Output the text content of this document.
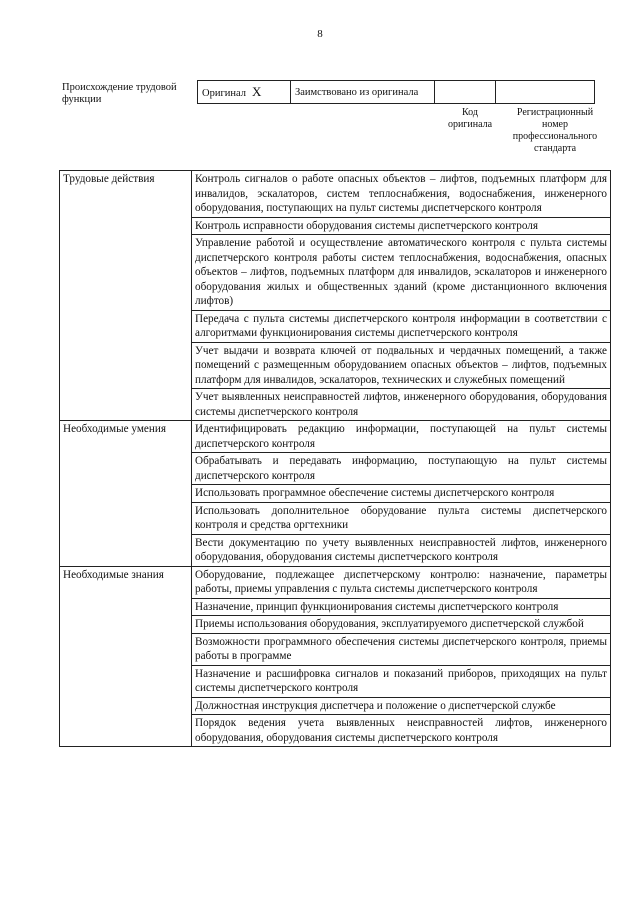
8
Происхождение трудовой функции
Оригинал X	Заимствовано из оригинала		
Код оригинала
Регистрационный номер профессионального стандарта
Трудовые действия	Контроль сигналов о работе опасных объектов – лифтов, подъемных платформ для инвалидов, эскалаторов, систем теплоснабжения, водоснабжения, инженерного оборудования, поступающих на пульт системы диспетчерского контроля
	Контроль исправности оборудования системы диспетчерского контроля
	Управление работой и осуществление автоматического контроля с пульта системы диспетчерского контроля работы систем теплоснабжения, водоснабжения, опасных объектов – лифтов, подъемных платформ для инвалидов, эскалаторов и инженерного оборудования жилых и общественных зданий (кроме дистанционного включения лифтов)
	Передача с пульта системы диспетчерского контроля информации в соответствии с алгоритмами функционирования системы диспетчерского контроля
	Учет выдачи и возврата ключей от подвальных и чердачных помещений, а также помещений с размещенным оборудованием опасных объектов – лифтов, подъемных платформ для инвалидов, эскалаторов, технических и служебных помещений
	Учет выявленных неисправностей лифтов, инженерного оборудования, оборудования системы диспетчерского контроля
Необходимые умения	Идентифицировать редакцию информации, поступающей на пульт системы диспетчерского контроля
	Обрабатывать и передавать информацию, поступающую на пульт системы диспетчерского контроля
	Использовать программное обеспечение системы диспетчерского контроля
	Использовать дополнительное оборудование пульта системы диспетчерского контроля и средства оргтехники
	Вести документацию по учету выявленных неисправностей лифтов, инженерного оборудования, оборудования системы диспетчерского контроля
Необходимые знания	Оборудование, подлежащее диспетчерскому контролю: назначение, параметры работы, приемы управления с пульта системы диспетчерского контроля
	Назначение, принцип функционирования системы диспетчерского контроля
	Приемы использования оборудования, эксплуатируемого диспетчерской службой
	Возможности программного обеспечения системы диспетчерского контроля, приемы работы в программе
	Назначение и расшифровка сигналов и показаний приборов, приходящих на пульт системы диспетчерского контроля
	Должностная инструкция диспетчера и положение о диспетчерской службе
	Порядок ведения учета выявленных неисправностей лифтов, инженерного оборудования, оборудования системы диспетчерского контроля
